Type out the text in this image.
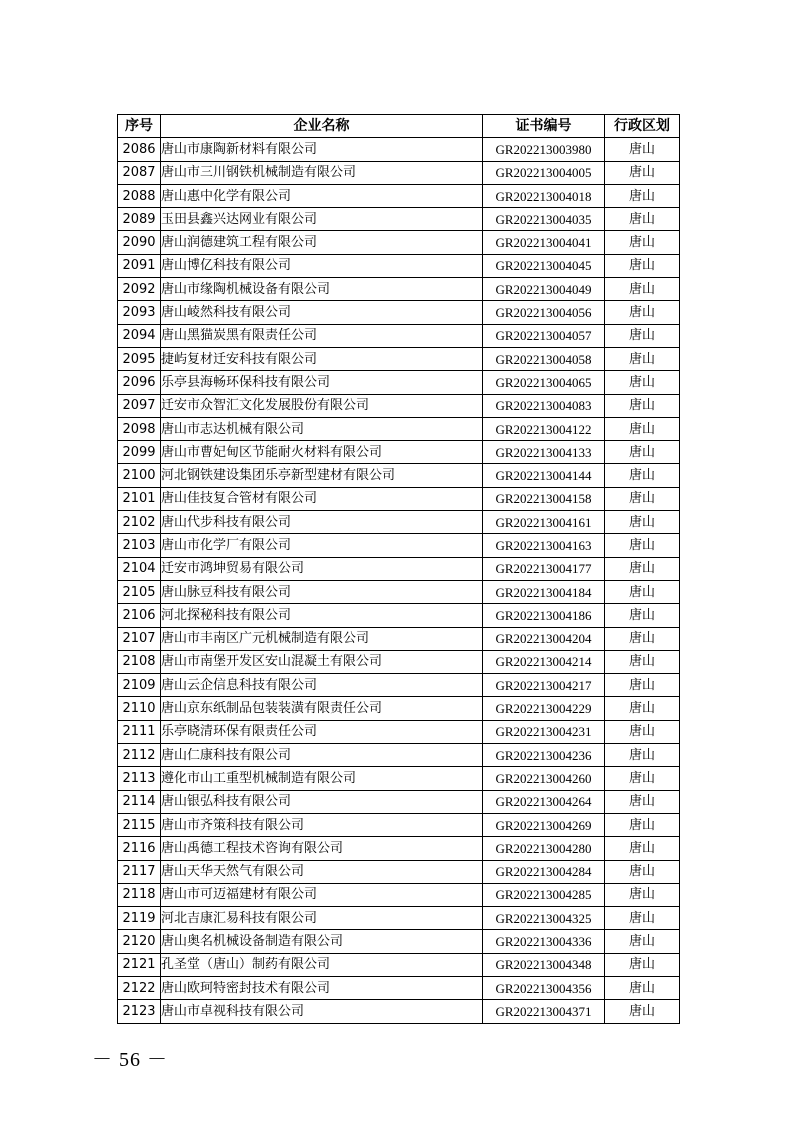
序号	企业名称	证书编号	行政区划
2086	唐山市康陶新材料有限公司	GR202213003980	唐山
2087	唐山市三川钢铁机械制造有限公司	GR202213004005	唐山
2088	唐山惠中化学有限公司	GR202213004018	唐山
2089	玉田县鑫兴达网业有限公司	GR202213004035	唐山
2090	唐山润德建筑工程有限公司	GR202213004041	唐山
2091	唐山博亿科技有限公司	GR202213004045	唐山
2092	唐山市缘陶机械设备有限公司	GR202213004049	唐山
2093	唐山崚然科技有限公司	GR202213004056	唐山
2094	唐山黑猫炭黑有限责任公司	GR202213004057	唐山
2095	捷屿复材迁安科技有限公司	GR202213004058	唐山
2096	乐亭县海畅环保科技有限公司	GR202213004065	唐山
2097	迁安市众智汇文化发展股份有限公司	GR202213004083	唐山
2098	唐山市志达机械有限公司	GR202213004122	唐山
2099	唐山市曹妃甸区节能耐火材料有限公司	GR202213004133	唐山
2100	河北钢铁建设集团乐亭新型建材有限公司	GR202213004144	唐山
2101	唐山佳技复合管材有限公司	GR202213004158	唐山
2102	唐山代步科技有限公司	GR202213004161	唐山
2103	唐山市化学厂有限公司	GR202213004163	唐山
2104	迁安市鸿坤贸易有限公司	GR202213004177	唐山
2105	唐山脉豆科技有限公司	GR202213004184	唐山
2106	河北探秘科技有限公司	GR202213004186	唐山
2107	唐山市丰南区广元机械制造有限公司	GR202213004204	唐山
2108	唐山市南堡开发区安山混凝土有限公司	GR202213004214	唐山
2109	唐山云企信息科技有限公司	GR202213004217	唐山
2110	唐山京东纸制品包装装潢有限责任公司	GR202213004229	唐山
2111	乐亭晓清环保有限责任公司	GR202213004231	唐山
2112	唐山仁康科技有限公司	GR202213004236	唐山
2113	遵化市山工重型机械制造有限公司	GR202213004260	唐山
2114	唐山银弘科技有限公司	GR202213004264	唐山
2115	唐山市齐策科技有限公司	GR202213004269	唐山
2116	唐山禹德工程技术咨询有限公司	GR202213004280	唐山
2117	唐山天华天然气有限公司	GR202213004284	唐山
2118	唐山市可迈福建材有限公司	GR202213004285	唐山
2119	河北吉康汇易科技有限公司	GR202213004325	唐山
2120	唐山奥名机械设备制造有限公司	GR202213004336	唐山
2121	孔圣堂（唐山）制药有限公司	GR202213004348	唐山
2122	唐山欧珂特密封技术有限公司	GR202213004356	唐山
2123	唐山市卓视科技有限公司	GR202213004371	唐山
－ 56 －
